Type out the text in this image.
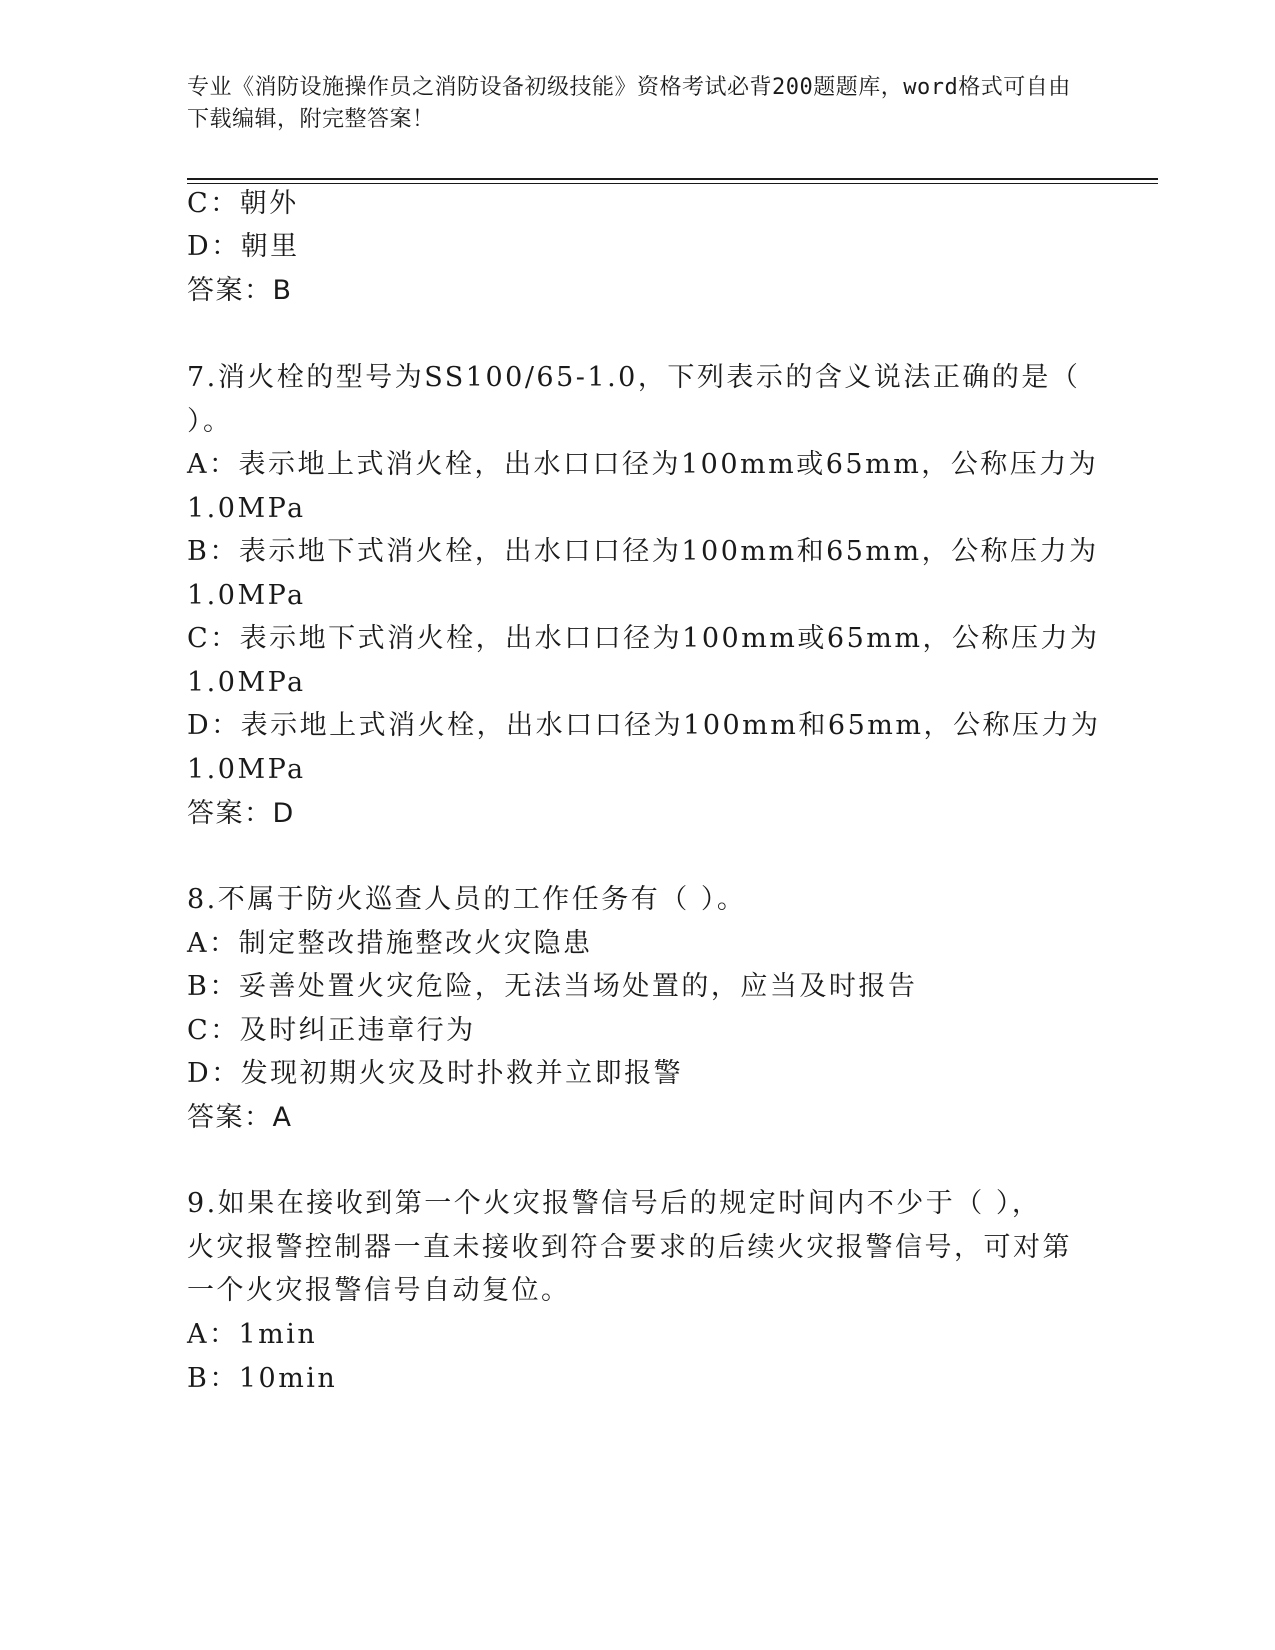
专业《消防设施操作员之消防设备初级技能》资格考试必背200题题库，word格式可自由下载编辑，附完整答案！
C：朝外
D：朝里
答案：B
7.消火栓的型号为SS100/65-1.0，下列表示的含义说法正确的是（
）。
A：表示地上式消火栓，出水口口径为100mm或65mm，公称压力为
1.0MPa
B：表示地下式消火栓，出水口口径为100mm和65mm，公称压力为
1.0MPa
C：表示地下式消火栓，出水口口径为100mm或65mm，公称压力为
1.0MPa
D：表示地上式消火栓，出水口口径为100mm和65mm，公称压力为
1.0MPa
答案：D
8.不属于防火巡查人员的工作任务有（ ）。
A：制定整改措施整改火灾隐患
B：妥善处置火灾危险，无法当场处置的，应当及时报告
C：及时纠正违章行为
D：发现初期火灾及时扑救并立即报警
答案：A
9.如果在接收到第一个火灾报警信号后的规定时间内不少于（ ），
火灾报警控制器一直未接收到符合要求的后续火灾报警信号，可对第
一个火灾报警信号自动复位。
A：1min
B：10min
